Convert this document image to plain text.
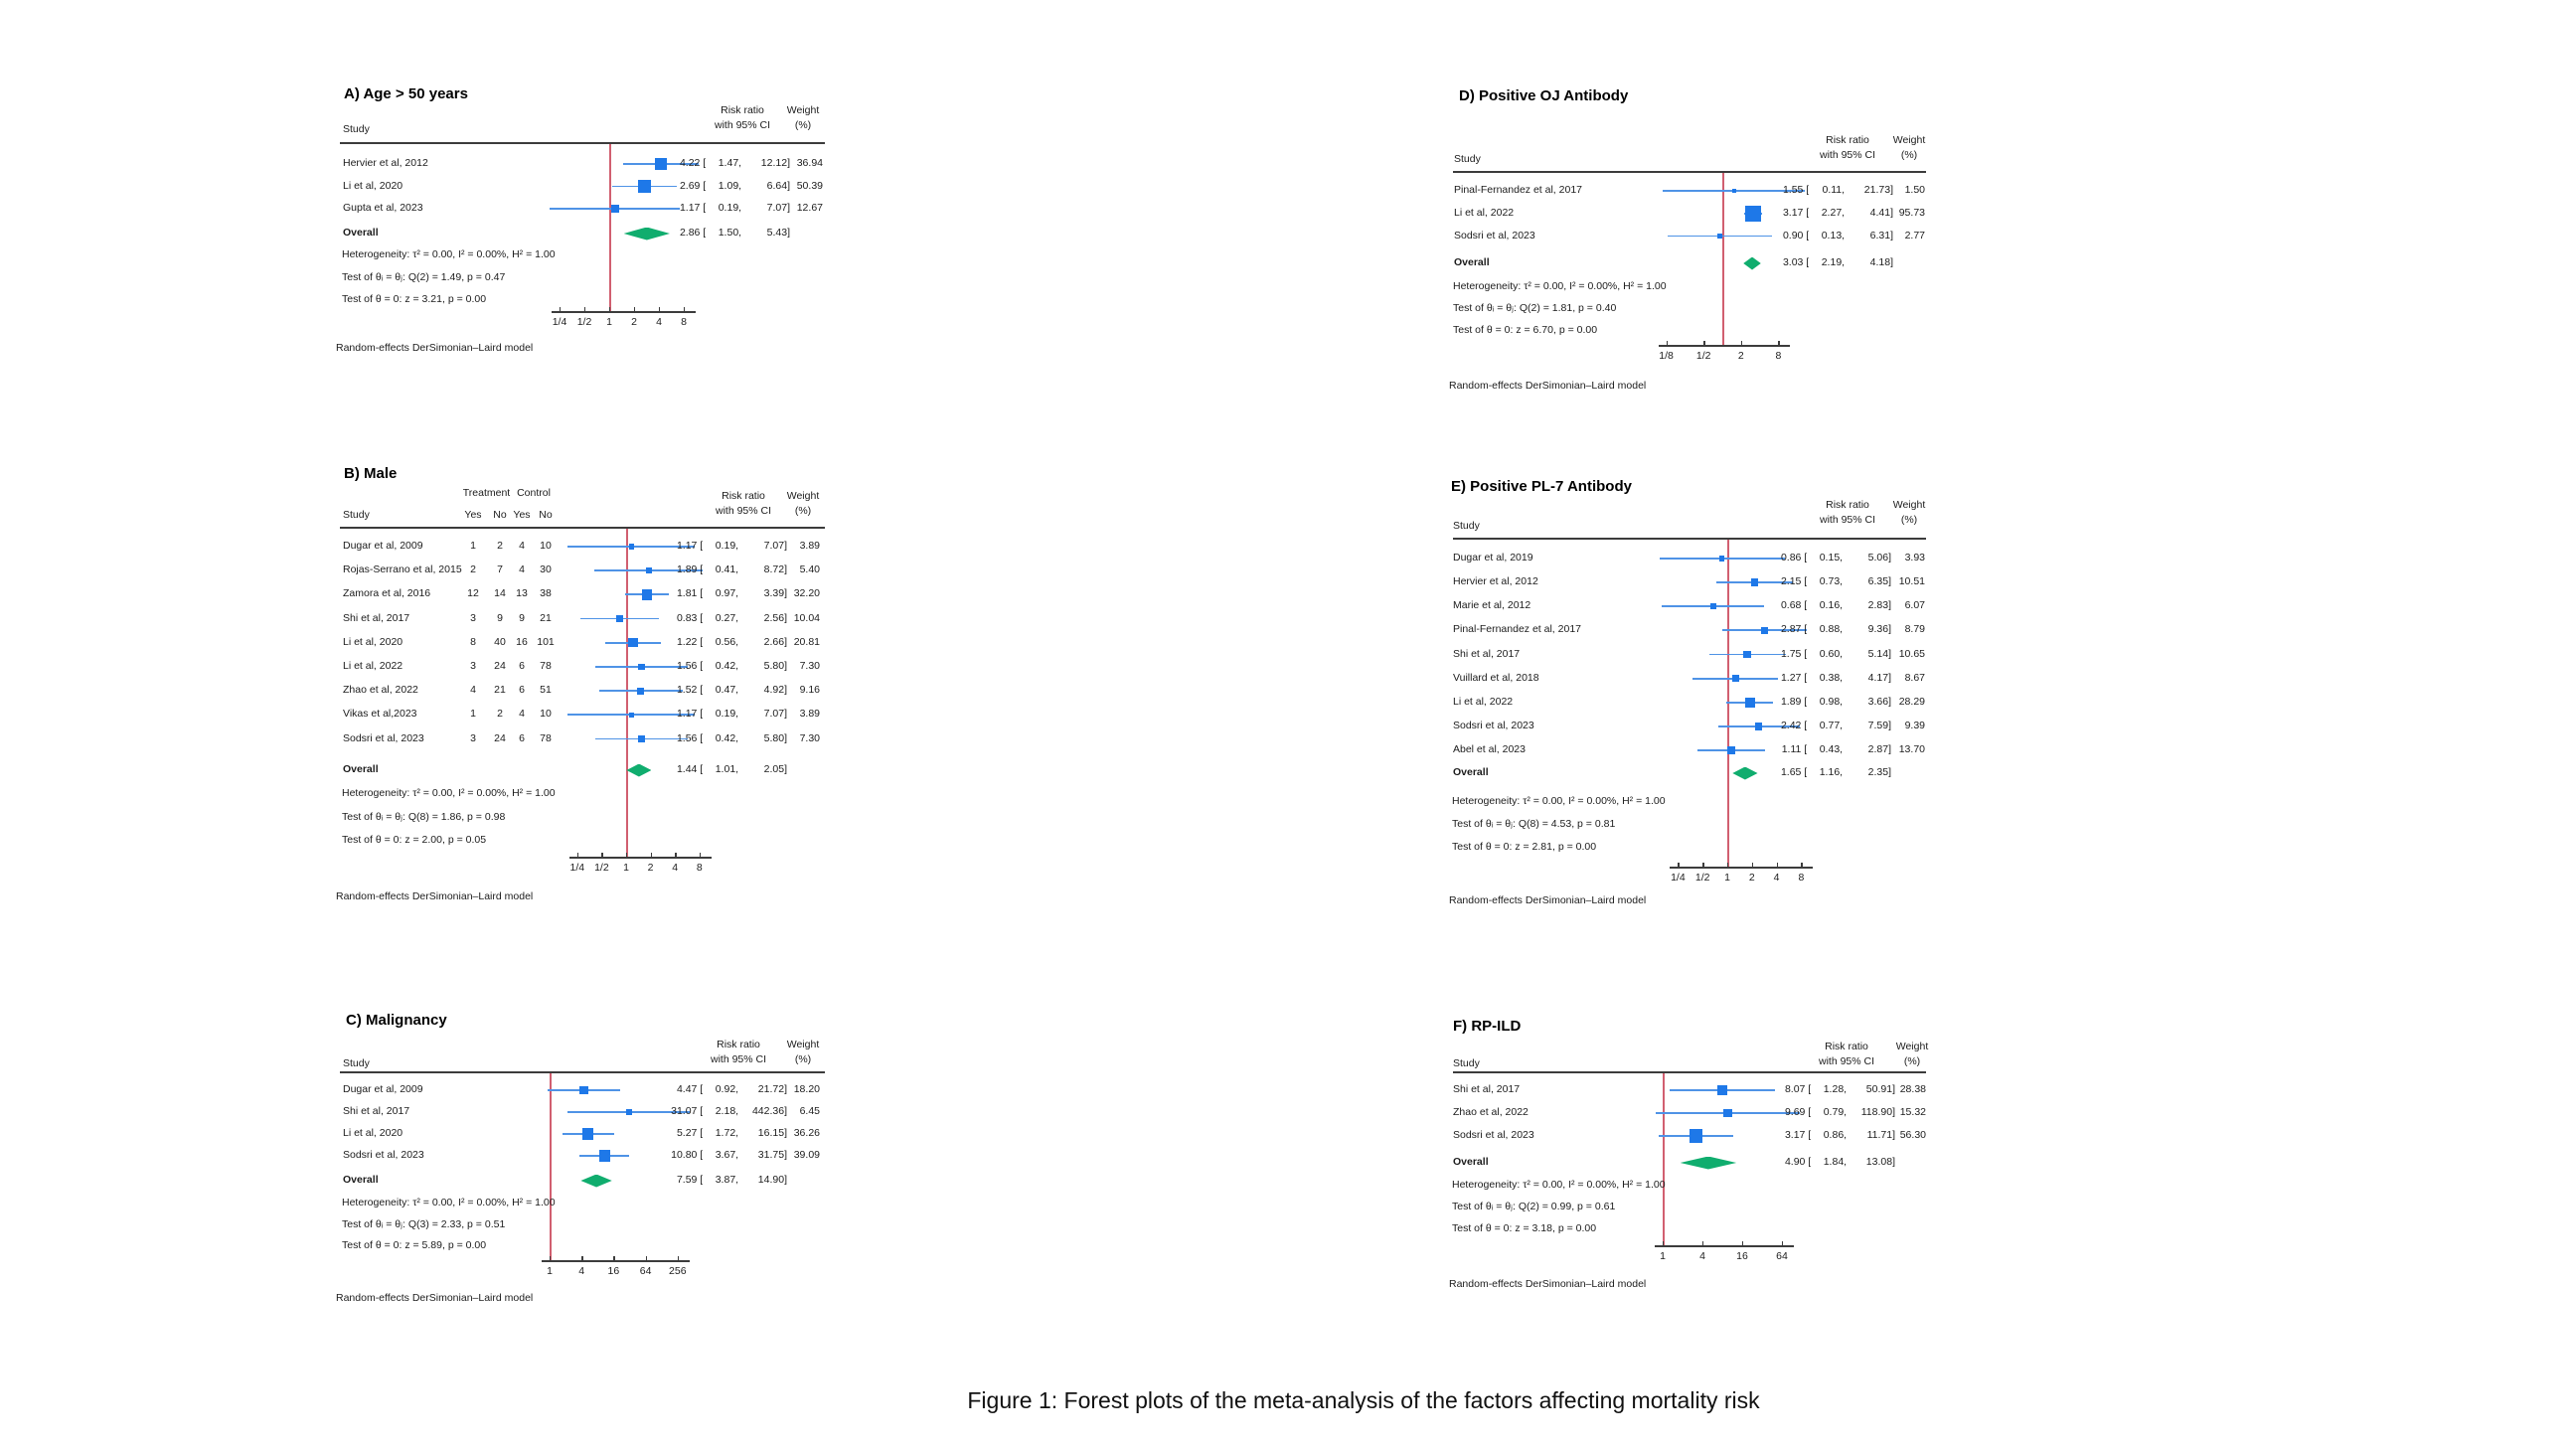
A) Age > 50 years
Study
Risk ratio
with 95% CI
Weight
(%)
Hervier et al, 2012	4.22 [ 1.47 ,	12.12 ] 36.94
Li et al, 2020	2.69 [ 1.09 ,	6.64 ] 50.39
Gupta et al, 2023	1.17 [ 0.19 ,	7.07 ] 12.67
Overall	2.86 [ 1.50 ,	5.43 ]
Heterogeneity: τ² = 0.00, I² = 0.00%, H² = 1.00
Test of θᵢ = θⱼ: Q(2) = 1.49, p = 0.47
Test of θ = 0: z = 3.21, p = 0.00
1/4 1/2	1	2	4	8
Random-effects DerSimonian–Laird model
B) Male
Study
Risk ratio
with 95% CI
Weight
(%)
Treatment Control
Yes	No Yes No
Dugar et al, 2009	1	2	4	10	1.17 [ 0.19 ,	7.07 ]	3.89
Rojas-Serrano et al, 2015 2	7	4	30	1.89 [ 0.41 ,	8.72 ]	5.40
Zamora et al, 2016	12	14 13	38	1.81 [ 0.97 ,	3.39 ] 32.20
Shi et al, 2017	3	9	9	21	0.83 [ 0.27 ,	2.56 ] 10.04
Li et al, 2020	8	40 16 101	1.22 [ 0.56 ,	2.66 ] 20.81
Li et al, 2022	3	24	6	78	1.56 [ 0.42 ,	5.80 ]	7.30
Zhao et al, 2022	4	21	6	51	1.52 [ 0.47 ,	4.92 ]	9.16
Vikas et al,2023	1	2	4	10	1.17 [ 0.19 ,	7.07 ]	3.89
Sodsri et al, 2023	3	24	6	78	1.56 [ 0.42 ,	5.80 ]	7.30
Overall	1.44 [ 1.01 ,	2.05 ]
Heterogeneity: τ² = 0.00, I² = 0.00%, H² = 1.00
Test of θᵢ = θⱼ: Q(8) = 1.86, p = 0.98
Test of θ = 0: z = 2.00, p = 0.05
1/4 1/2	1	2	4	8
Random-effects DerSimonian–Laird model
C) Malignancy
Study
Risk ratio
with 95% CI
Weight
(%)
Dugar et al, 2009	4.47 [ 0.92 ,	21.72 ] 18.20
Shi et al, 2017	31.07 [ 2.18 ,	442.36 ]	6.45
Li et al, 2020	5.27 [ 1.72 ,	16.15 ] 36.26
Sodsri et al, 2023	10.80 [ 3.67 ,	31.75 ] 39.09
Overall	7.59 [ 3.87 ,	14.90 ]
Heterogeneity: τ² = 0.00, I² = 0.00%, H² = 1.00
Test of θᵢ = θⱼ: Q(3) = 2.33, p = 0.51
Test of θ = 0: z = 5.89, p = 0.00
1	4	16	64	256
Random-effects DerSimonian–Laird model
D) Positive OJ Antibody
Study
Risk ratio
with 95% CI
Weight
(%)
Pinal-Fernandez et al, 2017	1.55 [ 0.11 ,	21.73 ]	1.50
Li et al, 2022	3.17 [ 2.27 ,	4.41 ] 95.73
Sodsri et al, 2023	0.90 [ 0.13 ,	6.31 ]	2.77
Overall	3.03 [ 2.19 ,	4.18 ]
Heterogeneity: τ² = 0.00, I² = 0.00%, H² = 1.00
Test of θᵢ = θⱼ: Q(2) = 1.81, p = 0.40
Test of θ = 0: z = 6.70, p = 0.00
1/8	1/2	2	8
Random-effects DerSimonian–Laird model
E) Positive PL-7 Antibody
Study
Risk ratio
with 95% CI
Weight
(%)
Dugar et al, 2019	0.86 [ 0.15 ,	5.06 ]	3.93
Hervier et al, 2012	2.15 [ 0.73 ,	6.35 ] 10.51
Marie et al, 2012	0.68 [ 0.16 ,	2.83 ]	6.07
Pinal-Fernandez et al, 2017	2.87 [ 0.88 ,	9.36 ]	8.79
Shi et al, 2017	1.75 [ 0.60 ,	5.14 ] 10.65
Vuillard et al, 2018	1.27 [ 0.38 ,	4.17 ]	8.67
Li et al, 2022	1.89 [ 0.98 ,	3.66 ] 28.29
Sodsri et al, 2023	2.42 [ 0.77 ,	7.59 ]	9.39
Abel et al, 2023	1.11 [ 0.43 ,	2.87 ] 13.70
Overall	1.65 [ 1.16 ,	2.35 ]
Heterogeneity: τ² = 0.00, I² = 0.00%, H² = 1.00
Test of θᵢ = θⱼ: Q(8) = 4.53, p = 0.81
Test of θ = 0: z = 2.81, p = 0.00
1/4 1/2	1	2	4	8
Random-effects DerSimonian–Laird model
F) RP-ILD
Study
Risk ratio
with 95% CI
Weight
(%)
Shi et al, 2017	8.07 [ 1.28 ,	50.91 ] 28.38
Zhao et al, 2022	9.69 [ 0.79 ,	118.90 ] 15.32
Sodsri et al, 2023	3.17 [ 0.86 ,	11.71 ] 56.30
Overall	4.90 [ 1.84 ,	13.08 ]
Heterogeneity: τ² = 0.00, I² = 0.00%, H² = 1.00
Test of θᵢ = θⱼ: Q(2) = 0.99, p = 0.61
Test of θ = 0: z = 3.18, p = 0.00
1	4	16	64
Random-effects DerSimonian–Laird model
Figure 1: Forest plots of the meta-analysis of the factors affecting mortality risk
